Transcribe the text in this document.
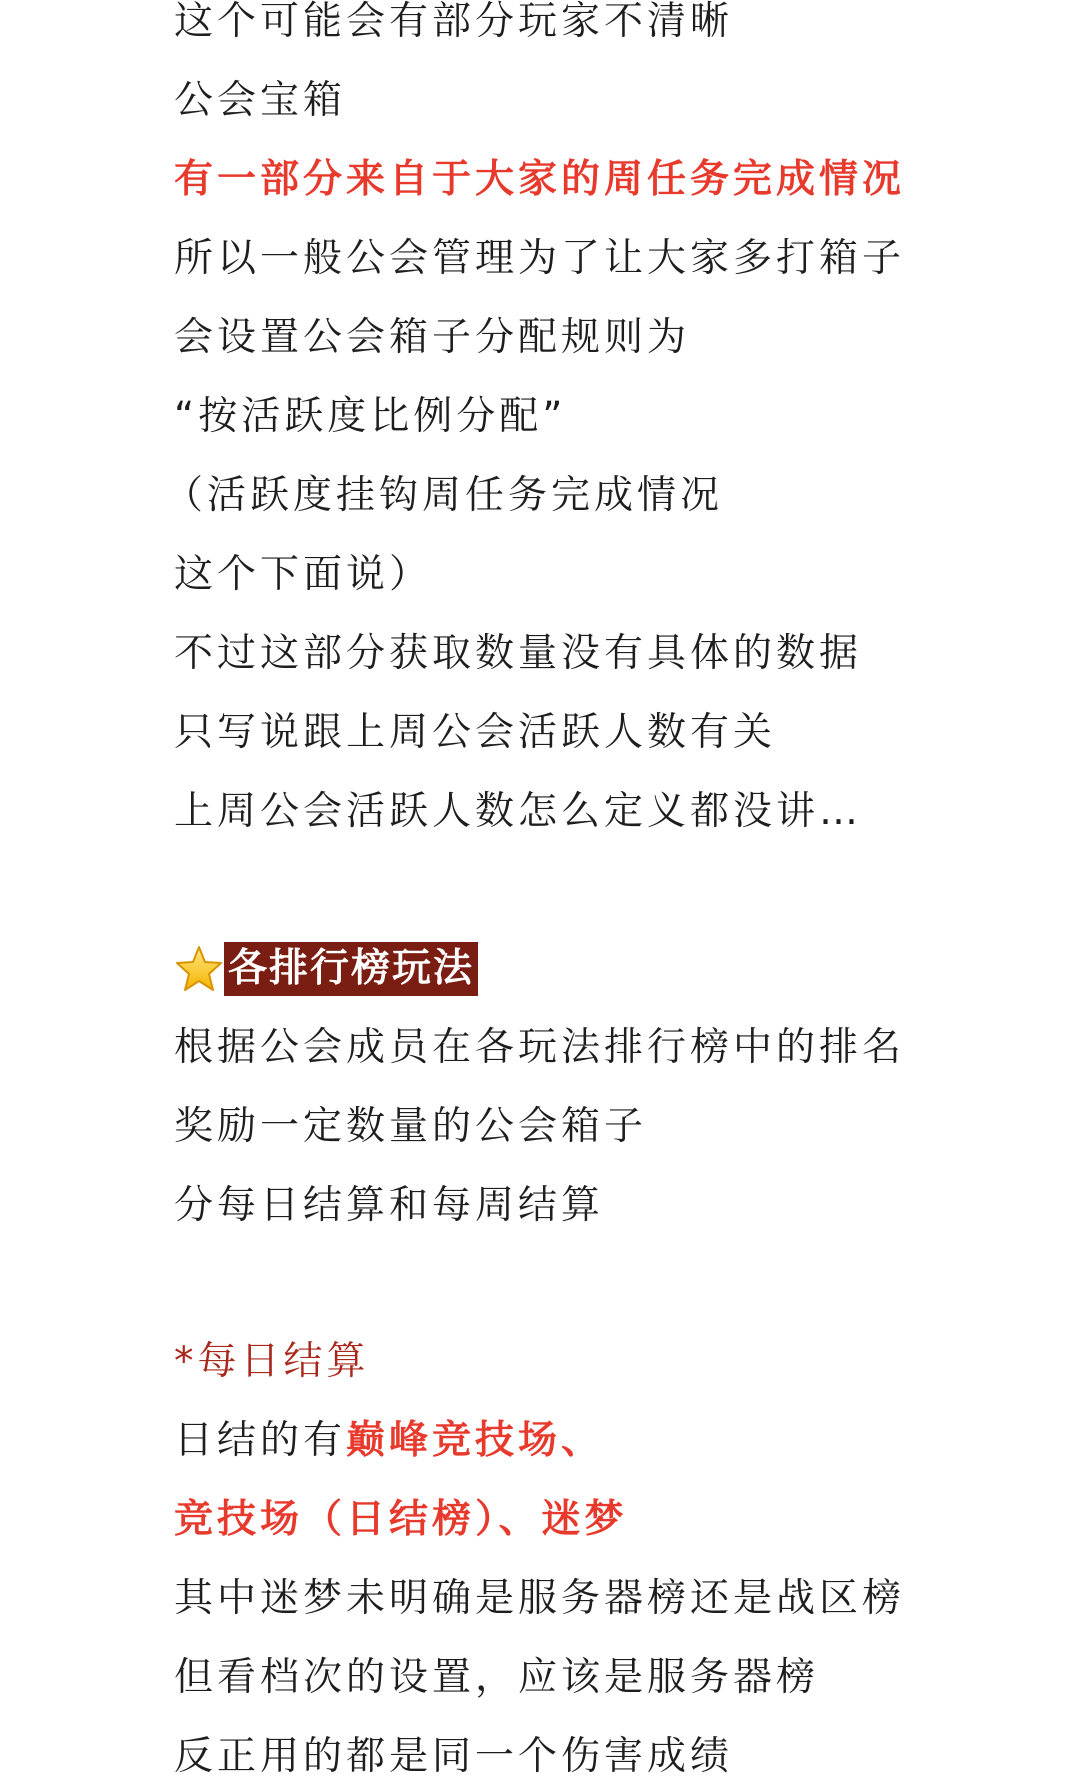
这个可能会有部分玩家不清晰
公会宝箱
有一部分来自于大家的周任务完成情况
所以一般公会管理为了让大家多打箱子
会设置公会箱子分配规则为
“按活跃度比例分配”
（活跃度挂钩周任务完成情况
这个下面说）
不过这部分获取数量没有具体的数据
只写说跟上周公会活跃人数有关
上周公会活跃人数怎么定义都没讲…
各排行榜玩法
根据公会成员在各玩法排行榜中的排名
奖励一定数量的公会箱子
分每日结算和每周结算
*每日结算
日结的有巅峰竞技场、
竞技场（日结榜）、迷梦
其中迷梦未明确是服务器榜还是战区榜
但看档次的设置，应该是服务器榜
反正用的都是同一个伤害成绩
